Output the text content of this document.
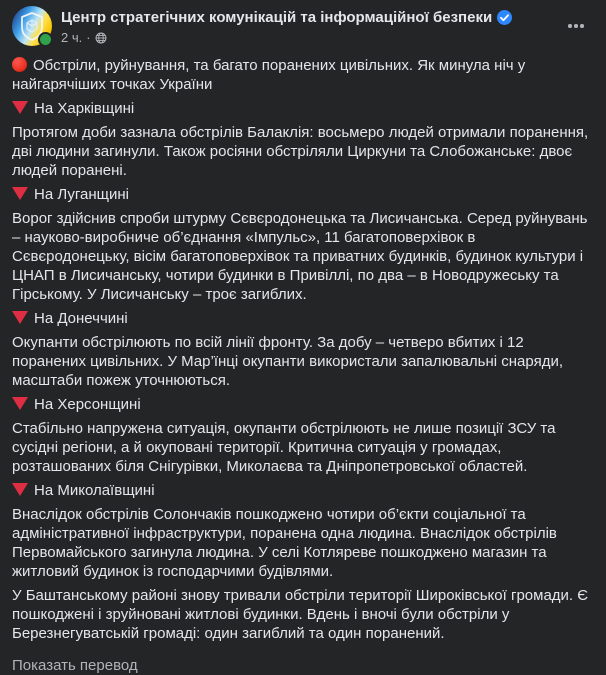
Центр стратегічних комунікацій та інформаційної безпеки
2 ч. ·

Обстріли, руйнування, та багато поранених цивільних. Як минула ніч у найгарячіших точках України

На Харківщині

Протягом доби зазнала обстрілів Балаклія: восьмеро людей отримали поранення, дві людини загинули. Також росіяни обстріляли Циркуни та Слобожанське: двоє людей поранені.

На Луганщині

Ворог здійснив спроби штурму Сєвєродонецька та Лисичанська. Серед руйнувань – науково-виробниче об’єднання «Імпульс», 11 багатоповерхівок в Сєвєродонецьку, вісім багатоповерхівок та приватних будинків, будинок культури і ЦНАП в Лисичанську, чотири будинки в Привіллі, по два – в Новодружеську та Гірському. У Лисичанську – троє загиблих.

На Донеччині

Окупанти обстрілюють по всій лінії фронту. За добу – четверо вбитих і 12 поранених цивільних. У Мар’їнці окупанти використали запалювальні снаряди, масштаби пожеж уточнюються.

На Херсонщині

Стабільно напружена ситуація, окупанти обстрілюють не лише позиції ЗСУ та сусідні регіони, а й окуповані території. Критична ситуація у громадах, розташованих біля Снігурівки, Миколаєва та Дніпропетровської областей.

На Миколаївщині

Внаслідок обстрілів Солончаків пошкоджено чотири об’єкти соціальної та адміністративної інфраструктури, поранена одна людина. Внаслідок обстрілів Первомайського загинула людина. У селі Котляреве пошкоджено магазин та житловий будинок із господарчими будівлями.

У Баштанському районі знову тривали обстріли території Широківської громади. Є пошкоджені і зруйновані житлові будинки. Вдень і вночі були обстріли у Березнегуватській громаді: один загиблий та один поранений.

Показать перевод
